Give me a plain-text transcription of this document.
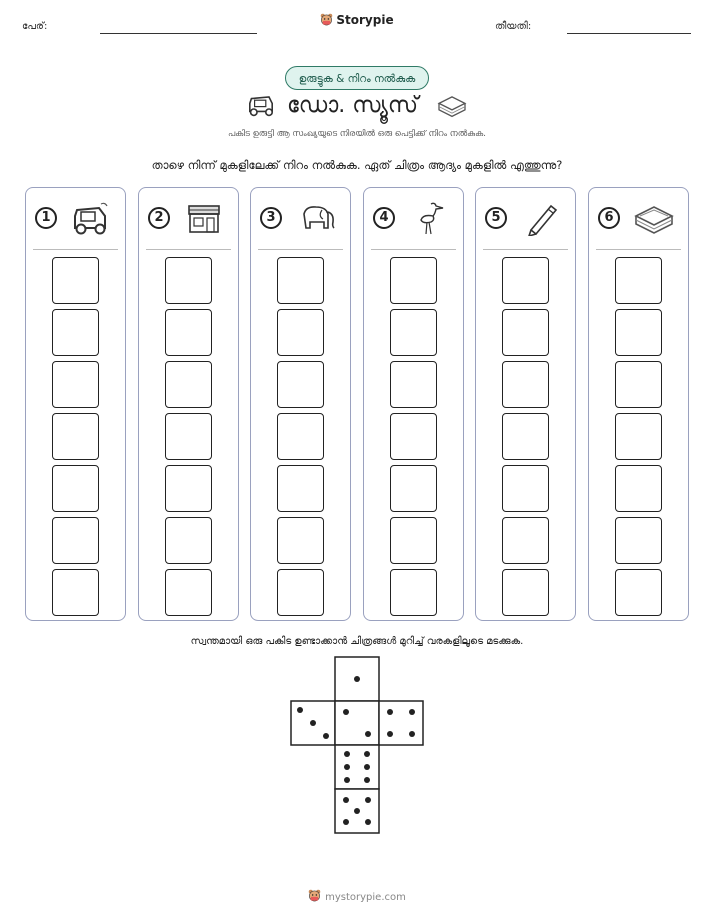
പേര്:	Storypie	തീയതി:
ഉരുട്ടുക & നിറം നൽകുക
ഡോ. സ്യൂസ്
പകിട ഉരുട്ടി ആ സംഖ്യയുടെ നിരയിൽ ഒരു പെട്ടിക്ക് നിറം നൽകുക.
താഴെ നിന്ന് മുകളിലേക്ക് നിറം നൽകുക. ഏത് ചിത്രം ആദ്യം മുകളിൽ എത്തുന്നു?
1	2	3	4	5	6
സ്വന്തമായി ഒരു പകിട ഉണ്ടാക്കാൻ ചിത്രങ്ങൾ മുറിച്ച് വരകളിലൂടെ മടക്കുക.
mystorypie.com
